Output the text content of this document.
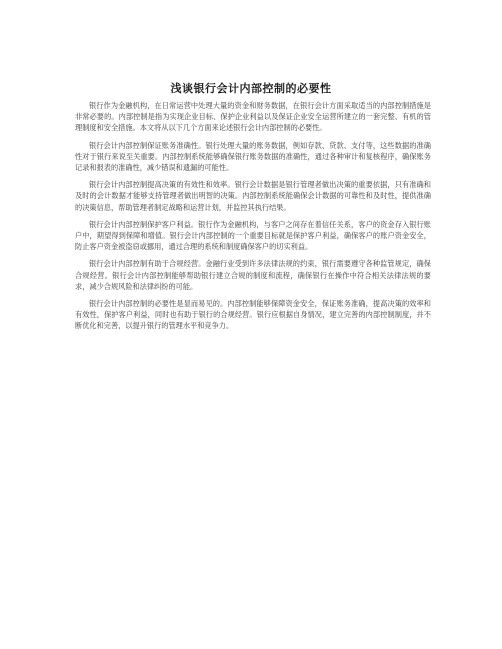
浅谈银行会计内部控制的必要性

银行作为金融机构，在日常运营中处理大量的资金和财务数据，在银行会计方面采取适当的内部控制措施是非常必要的。内部控制是指为实现企业目标、保护企业利益以及保证企业安全运营所建立的一套完整、有机的管理制度和安全措施。本文将从以下几个方面来论述银行会计内部控制的必要性。

银行会计内部控制保证账务准确性。银行处理大量的账务数据，例如存款、贷款、支付等，这些数据的准确性对于银行来说至关重要。内部控制系统能够确保银行账务数据的准确性，通过各种审计和复核程序，确保账务记录和报表的准确性，减少错误和遗漏的可能性。

银行会计内部控制提高决策的有效性和效率。银行会计数据是银行管理者做出决策的重要依据，只有准确和及时的会计数据才能够支持管理者做出明智的决策。内部控制系统能确保会计数据的可靠性和及时性，提供准确的决策信息，帮助管理者制定战略和运营计划，并监控其执行结果。

银行会计内部控制保护客户利益。银行作为金融机构，与客户之间存在着信任关系，客户的资金存入银行账户中，期望得到保障和增值。银行会计内部控制的一个重要目标就是保护客户利益，确保客户的账户资金安全，防止客户资金被盗窃或挪用，通过合理的系统和制度确保客户的切实利益。

银行会计内部控制有助于合规经营。金融行业受到许多法律法规的约束，银行需要遵守各种监管规定，确保合规经营。银行会计内部控制能够帮助银行建立合规的制度和流程，确保银行在操作中符合相关法律法规的要求，减少合规风险和法律纠纷的可能。

银行会计内部控制的必要性是显而易见的。内部控制能够保障资金安全，保证账务准确，提高决策的效率和有效性，保护客户利益，同时也有助于银行的合规经营。银行应根据自身情况，建立完善的内部控制制度，并不断优化和完善，以提升银行的管理水平和竞争力。
